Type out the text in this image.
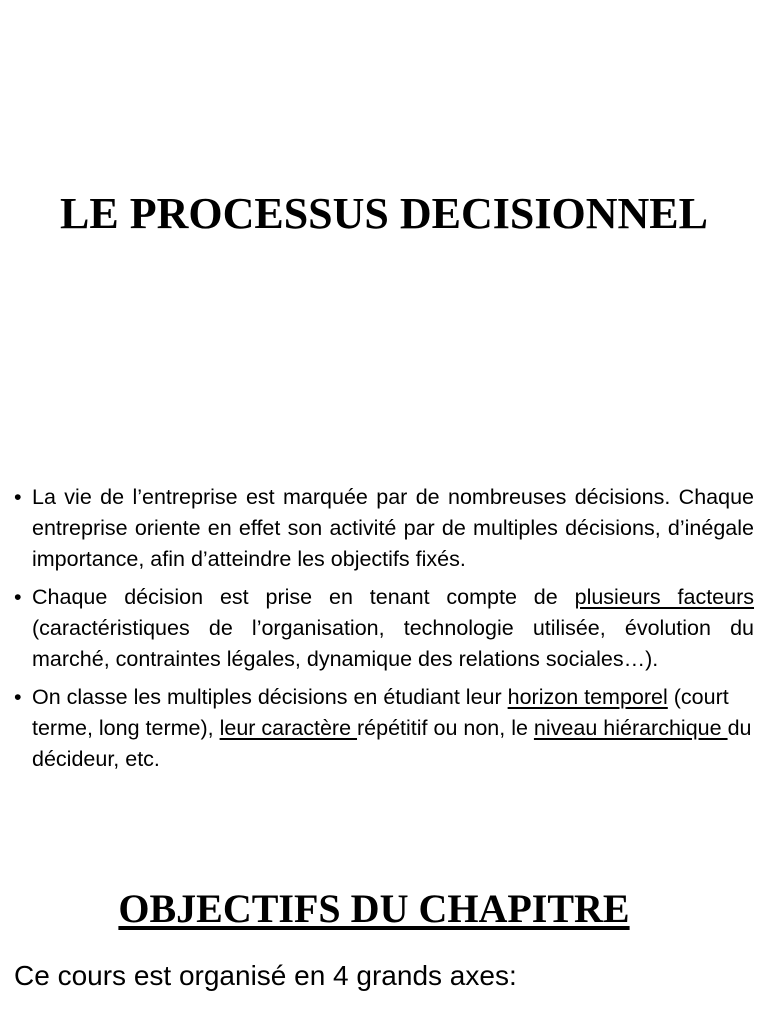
LE PROCESSUS DECISIONNEL
• La vie de l’entreprise est marquée par de nombreuses décisions. Chaque entreprise oriente en effet son activité par de multiples décisions, d’inégale importance, afin d’atteindre les objectifs fixés.
• Chaque décision est prise en tenant compte de plusieurs facteurs (caractéristiques de l’organisation, technologie utilisée, évolution du marché, contraintes légales, dynamique des relations sociales…).
• On classe les multiples décisions en étudiant leur horizon temporel (court terme, long terme), leur caractère répétitif ou non, le niveau hiérarchique du décideur, etc.
OBJECTIFS DU CHAPITRE

Ce cours est organisé en 4 grands axes:
